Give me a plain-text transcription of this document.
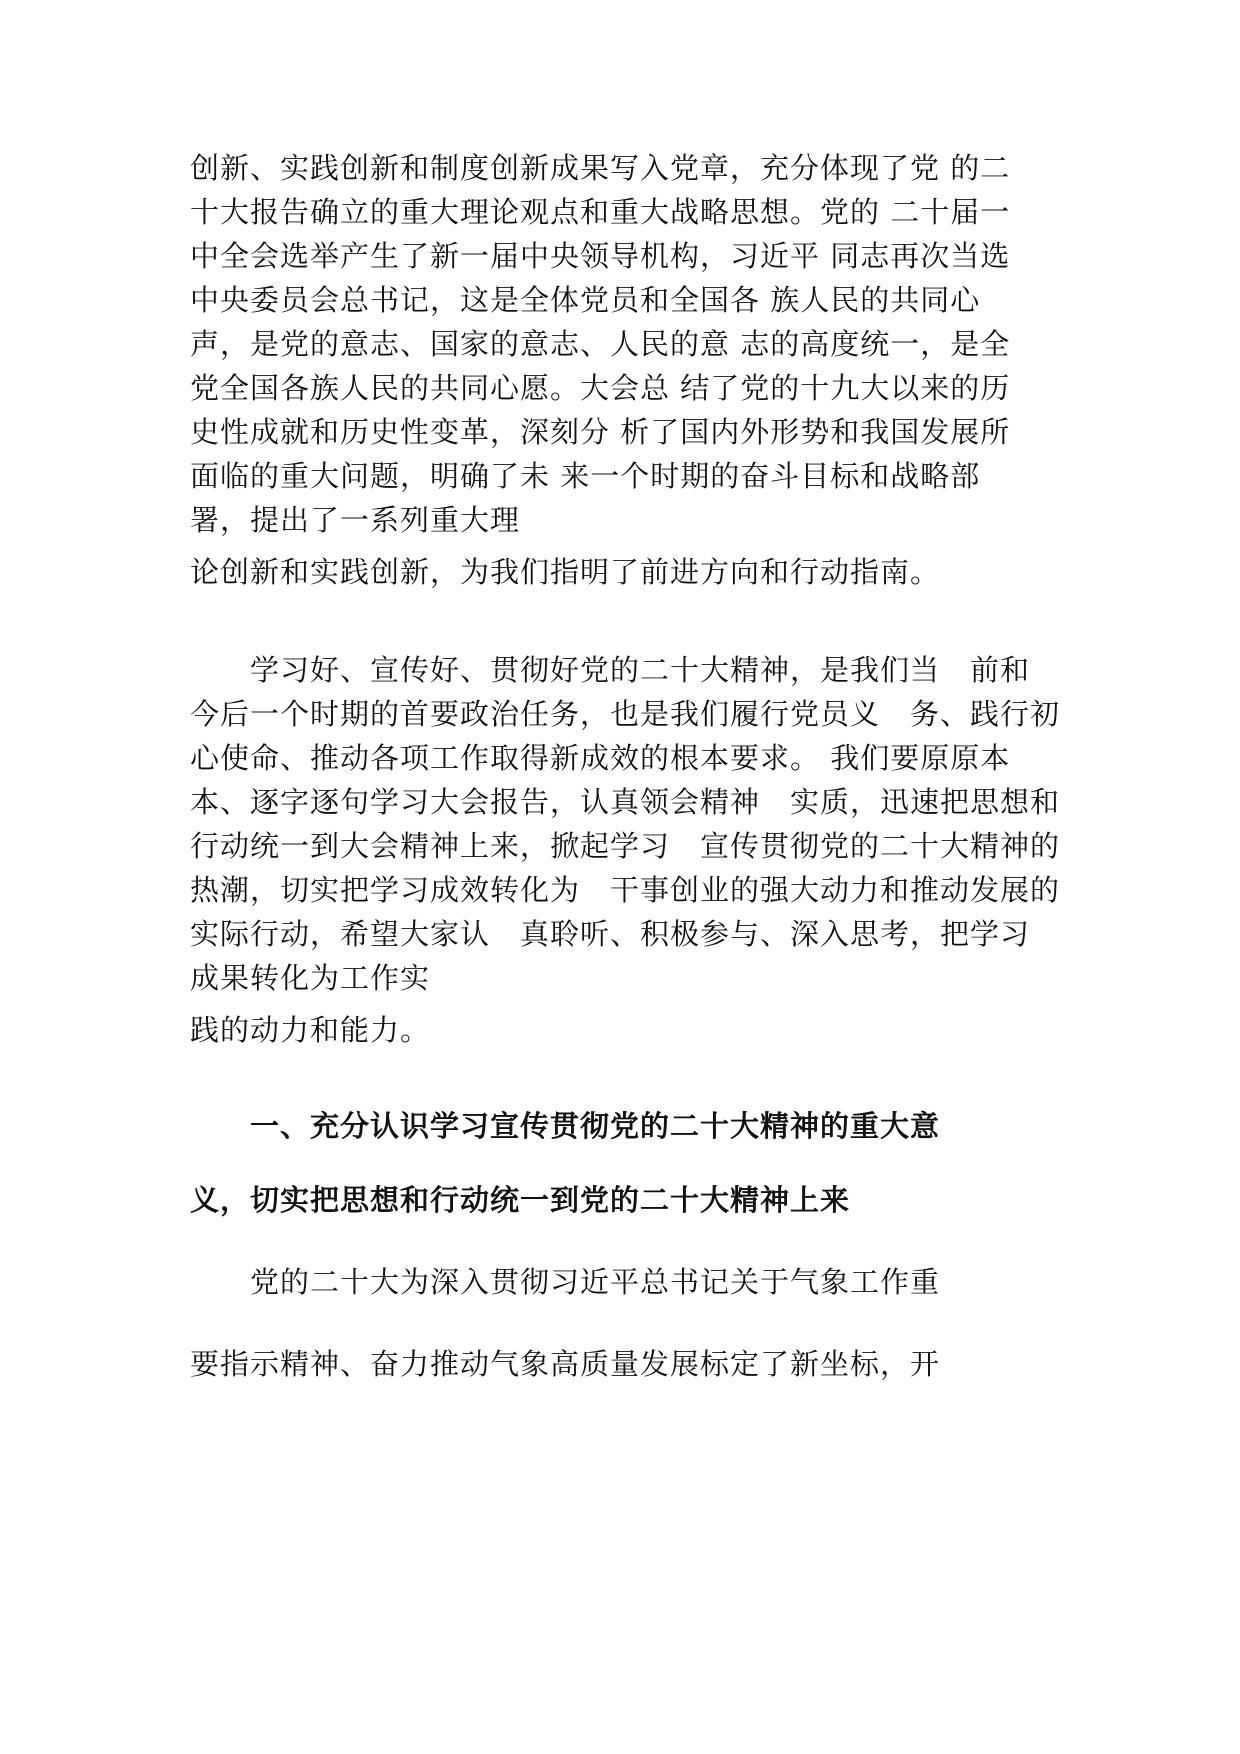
创新、实践创新和制度创新成果写入党章，充分体现了党 的二

十大报告确立的重大理论观点和重大战略思想。党的 二十届一

中全会选举产生了新一届中央领导机构，习近平 同志再次当选

中央委员会总书记，这是全体党员和全国各 族人民的共同心

声，是党的意志、国家的意志、人民的意 志的高度统一，是全

党全国各族人民的共同心愿。大会总 结了党的十九大以来的历

史性成就和历史性变革，深刻分 析了国内外形势和我国发展所

面临的重大问题，明确了未 来一个时期的奋斗目标和战略部

署，提出了一系列重大理

论创新和实践创新，为我们指明了前进方向和行动指南。

　　学习好、宣传好、贯彻好党的二十大精神，是我们当　前和

今后一个时期的首要政治任务，也是我们履行党员义　务、践行初

心使命、推动各项工作取得新成效的根本要求。 我们要原原本

本、逐字逐句学习大会报告，认真领会精神　实质，迅速把思想和

行动统一到大会精神上来，掀起学习　宣传贯彻党的二十大精神的

热潮，切实把学习成效转化为　干事创业的强大动力和推动发展的

实际行动，希望大家认　真聆听、积极参与、深入思考，把学习

成果转化为工作实

践的动力和能力。

　　一、充分认识学习宣传贯彻党的二十大精神的重大意

义，切实把思想和行动统一到党的二十大精神上来

　　党的二十大为深入贯彻习近平总书记关于气象工作重

要指示精神、奋力推动气象高质量发展标定了新坐标，开
